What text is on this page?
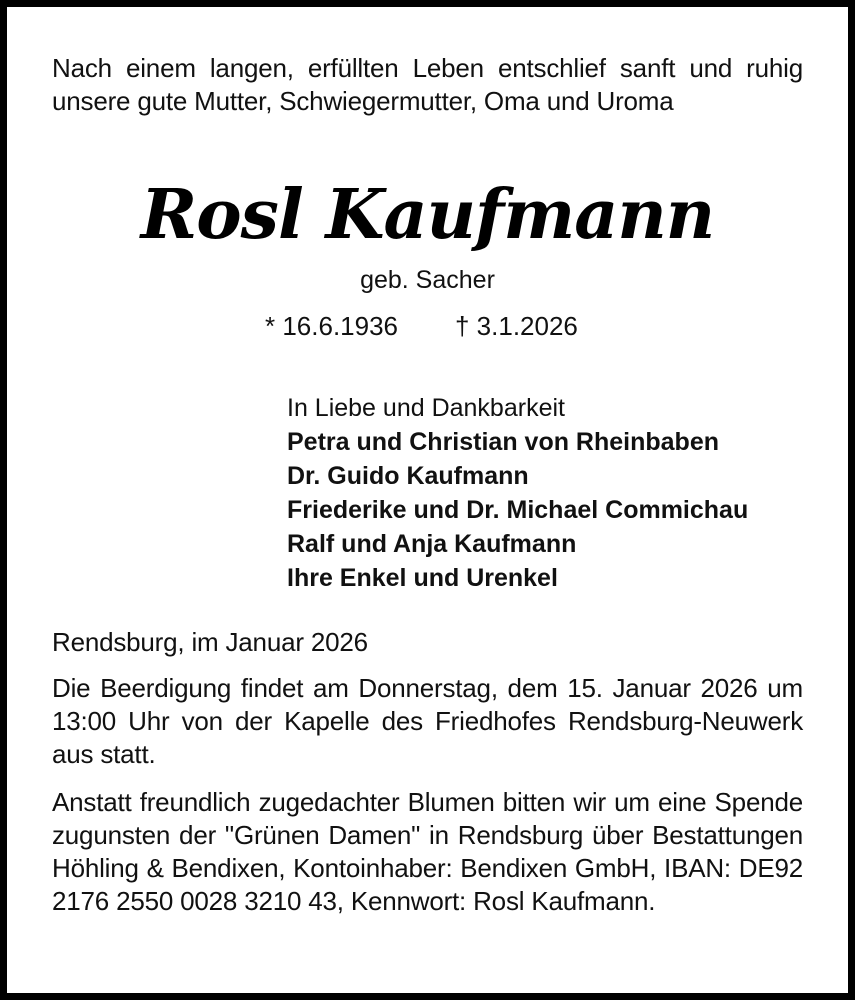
Nach einem langen, erfüllten Leben entschlief sanft und ruhig unsere gute Mutter, Schwiegermutter, Oma und Uroma
Rosl Kaufmann
geb. Sacher
* 16.6.1936 † 3.1.2026
In Liebe und Dankbarkeit
Petra und Christian von Rheinbaben
Dr. Guido Kaufmann
Friederike und Dr. Michael Commichau
Ralf und Anja Kaufmann
Ihre Enkel und Urenkel
Rendsburg, im Januar 2026
Die Beerdigung findet am Donnerstag, dem 15. Januar 2026 um 13:00 Uhr von der Kapelle des Friedhofes Rendsburg-Neuwerk aus statt.
Anstatt freundlich zugedachter Blumen bitten wir um eine Spende zugunsten der "Grünen Damen" in Rendsburg über Bestattungen Höhling & Bendixen, Kontoinhaber: Bendixen GmbH, IBAN: DE92 2176 2550 0028 3210 43, Kennwort: Rosl Kaufmann.
